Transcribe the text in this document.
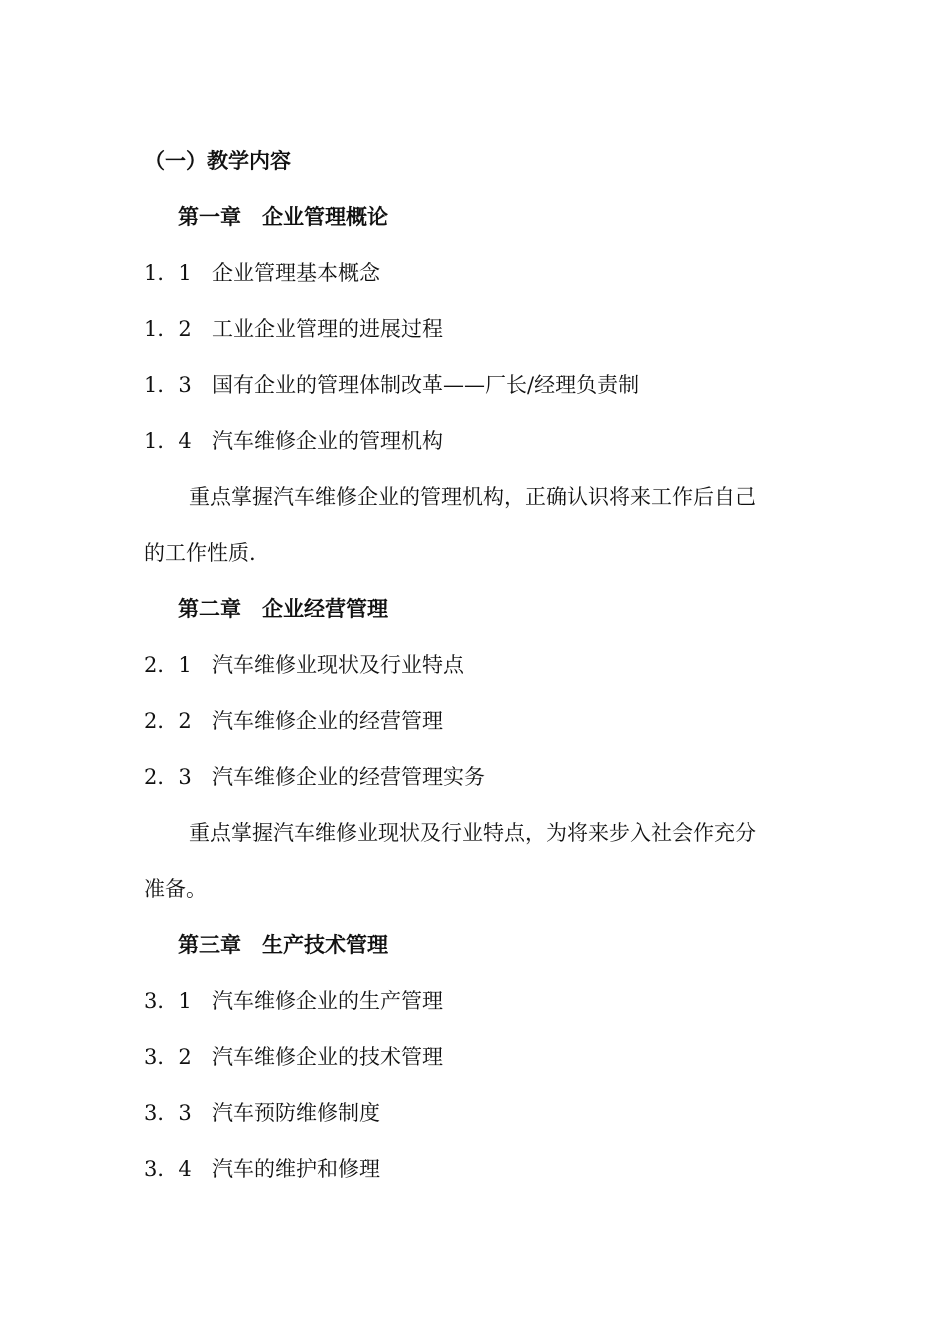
（一）教学内容
第一章　企业管理概论
1．1 企业管理基本概念
1．2 工业企业管理的进展过程
1．3 国有企业的管理体制改革——厂长/经理负责制
1．4 汽车维修企业的管理机构
重点掌握汽车维修企业的管理机构，正确认识将来工作后自己
的工作性质.
第二章　企业经营管理
2．1 汽车维修业现状及行业特点
2．2 汽车维修企业的经营管理
2．3 汽车维修企业的经营管理实务
重点掌握汽车维修业现状及行业特点，为将来步入社会作充分
准备。
第三章　生产技术管理
3．1 汽车维修企业的生产管理
3．2 汽车维修企业的技术管理
3．3 汽车预防维修制度
3．4 汽车的维护和修理
